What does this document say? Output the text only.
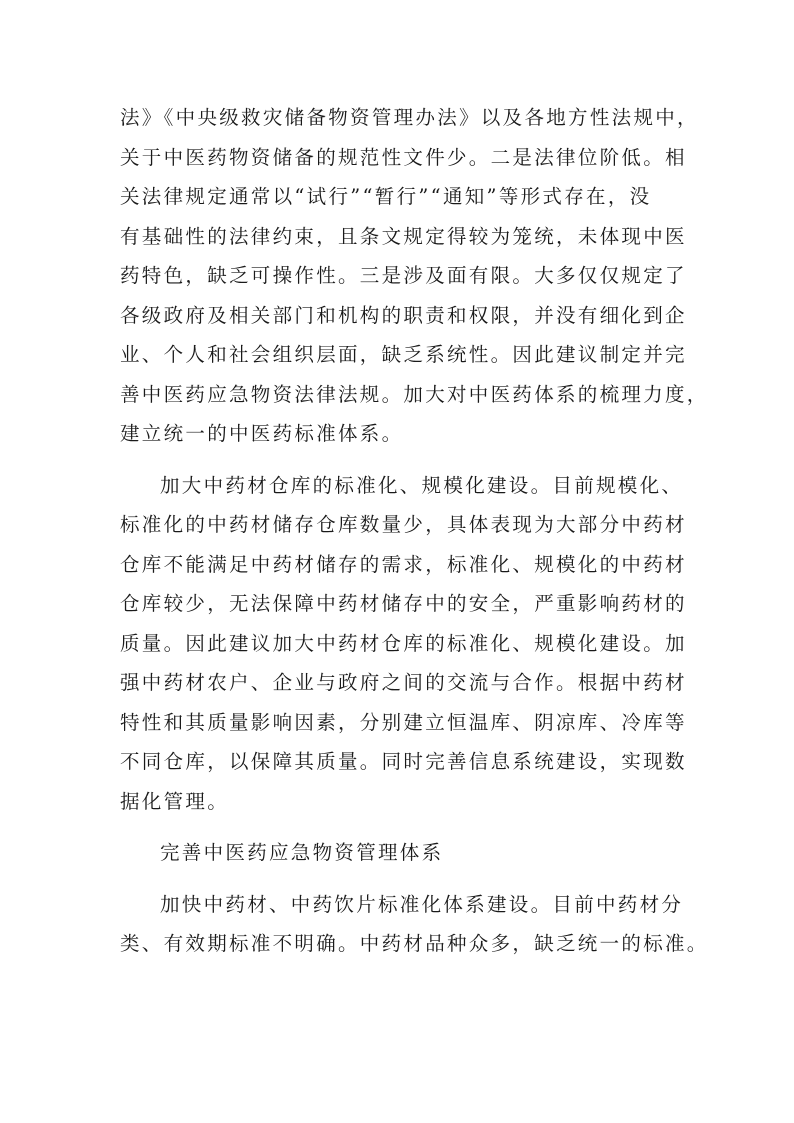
法》《中央级救灾储备物资管理办法》以及各地方性法规中，
关于中医药物资储备的规范性文件少。二是法律位阶低。相
关法律规定通常以“试行”“暂行”“通知”等形式存在，没
有基础性的法律约束，且条文规定得较为笼统，未体现中医
药特色，缺乏可操作性。三是涉及面有限。大多仅仅规定了
各级政府及相关部门和机构的职责和权限，并没有细化到企
业、个人和社会组织层面，缺乏系统性。因此建议制定并完
善中医药应急物资法律法规。加大对中医药体系的梳理力度，
建立统一的中医药标准体系。
加大中药材仓库的标准化、规模化建设。目前规模化、
标准化的中药材储存仓库数量少，具体表现为大部分中药材
仓库不能满足中药材储存的需求，标准化、规模化的中药材
仓库较少，无法保障中药材储存中的安全，严重影响药材的
质量。因此建议加大中药材仓库的标准化、规模化建设。加
强中药材农户、企业与政府之间的交流与合作。根据中药材
特性和其质量影响因素，分别建立恒温库、阴凉库、冷库等
不同仓库，以保障其质量。同时完善信息系统建设，实现数
据化管理。
完善中医药应急物资管理体系
加快中药材、中药饮片标准化体系建设。目前中药材分
类、有效期标准不明确。中药材品种众多，缺乏统一的标准。
